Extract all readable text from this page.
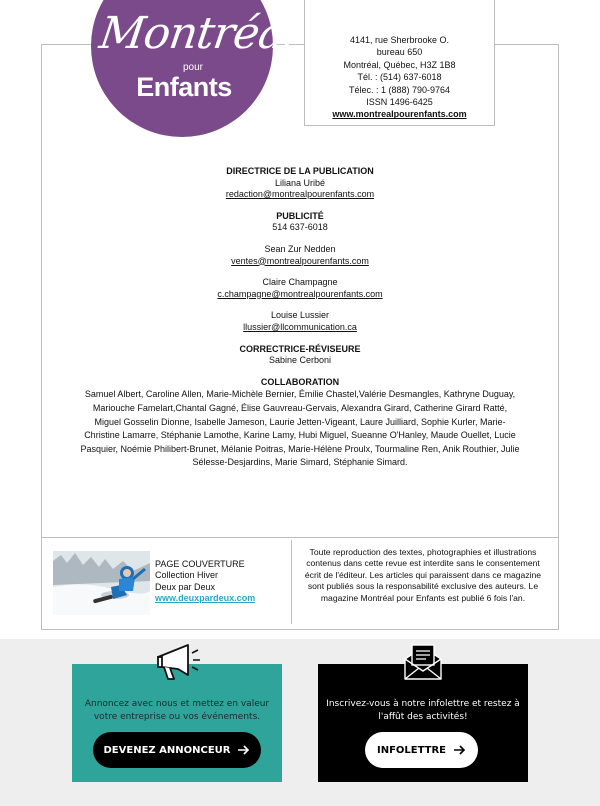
Montréal
pour
Enfants
4141, rue Sherbrooke O.
bureau 650
Montréal, Québec, H3Z 1B8
Tél. : (514) 637-6018
Télec. : 1 (888) 790-9764
ISSN 1496-6425
www.montrealpourenfants.com
DIRECTRICE DE LA PUBLICATION
Liliana Uribé
redaction@montrealpourenfants.com
PUBLICITÉ
514 637-6018
Sean Zur Nedden
ventes@montrealpourenfants.com
Claire Champagne
c.champagne@montrealpourenfants.com
Louise Lussier
llussier@llcommunication.ca
CORRECTRICE-RÉVISEURE
Sabine Cerboni
COLLABORATION
Samuel Albert, Caroline Allen, Marie-Michèle Bernier, Émilie Chastel,Valérie Desmangles, Kathryne Duguay, Mariouche Famelart,Chantal Gagné, Élise Gauvreau-Gervais, Alexandra Girard, Catherine Girard Ratté, Miguel Gosselin Dionne, Isabelle Jameson, Laurie Jetten-Vigeant, Laure Juilliard, Sophie Kurler, Marie-Christine Lamarre, Stéphanie Lamothe, Karine Lamy, Hubi Miguel, Sueanne O'Hanley, Maude Ouellet, Lucie Pasquier, Noémie Philibert-Brunet, Mélanie Poitras, Marie-Hélène Proulx, Tourmaline Ren, Anik Routhier, Julie Sélesse-Desjardins, Marie Simard, Stéphanie Simard.
PAGE COUVERTURE
Collection Hiver
Deux par Deux
www.deuxpardeux.com
Toute reproduction des textes, photographies et illustrations contenus dans cette revue est interdite sans le consentement écrit de l'éditeur. Les articles qui paraissent dans ce magazine sont publiés sous la responsabilité exclusive des auteurs. Le magazine Montréal pour Enfants est publié 6 fois l'an.
Annoncez avec nous et mettez en valeur votre entreprise ou vos événements.
DEVENEZ ANNONCEUR
Inscrivez-vous à notre infolettre et restez à l'affût des activités!
INFOLETTRE
